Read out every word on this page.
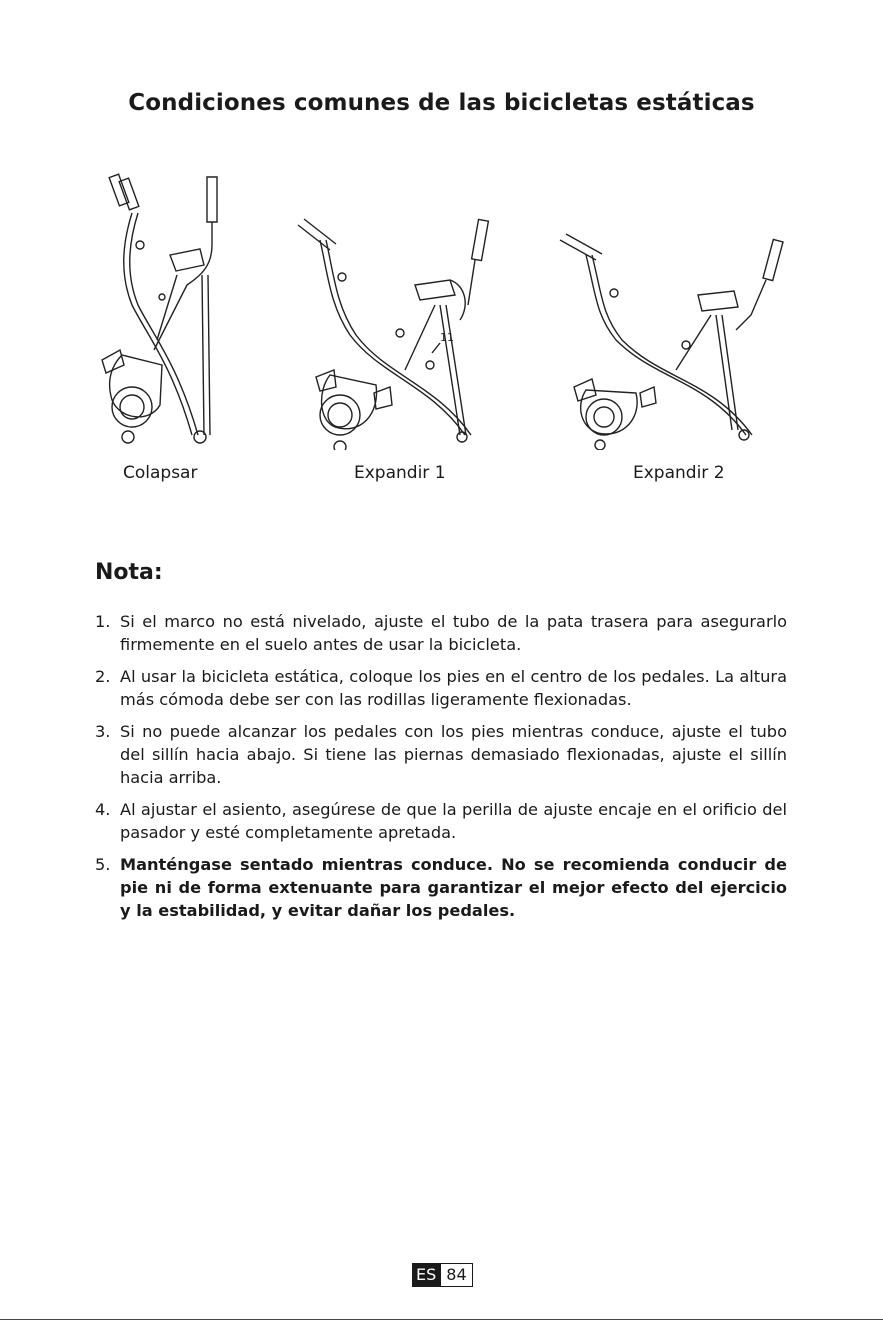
Condiciones comunes de las bicicletas estáticas
11
Colapsar	Expandir 1	Expandir 2
Nota:
1. Si el marco no está nivelado, ajuste el tubo de la pata trasera para asegurarlo firmemente en el suelo antes de usar la bicicleta.
2. Al usar la bicicleta estática, coloque los pies en el centro de los pedales. La altura más cómoda debe ser con las rodillas ligeramente flexionadas.
3. Si no puede alcanzar los pedales con los pies mientras conduce, ajuste el tubo del sillín hacia abajo. Si tiene las piernas demasiado flexionadas, ajuste el sillín hacia arriba.
4. Al ajustar el asiento, asegúrese de que la perilla de ajuste encaje en el orificio del pasador y esté completamente apretada.
5. Manténgase sentado mientras conduce. No se recomienda conducir de pie ni de forma extenuante para garantizar el mejor efecto del ejercicio y la estabilidad, y evitar dañar los pedales.
ES 84
